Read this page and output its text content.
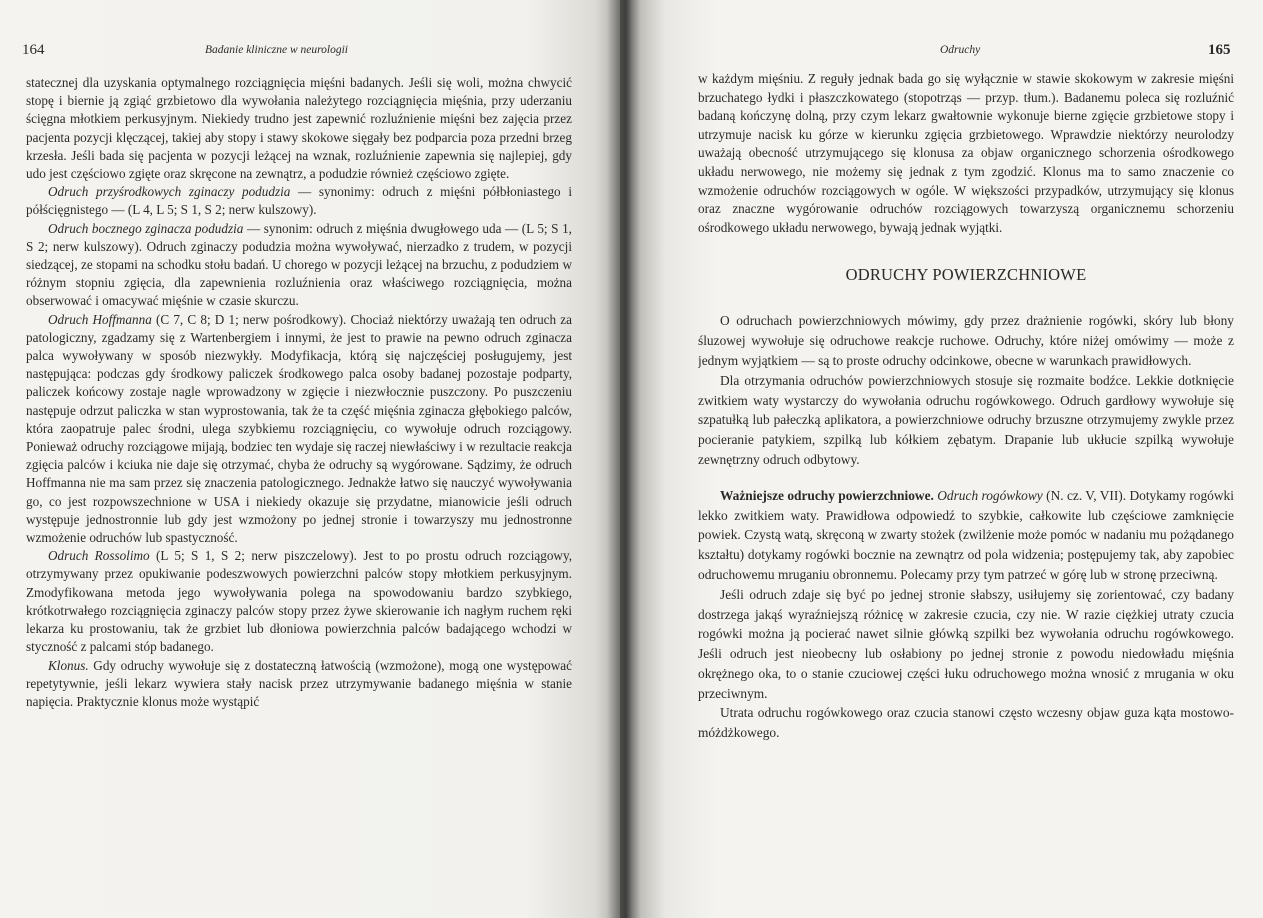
164	Badanie kliniczne w neurologii

statecznej dla uzyskania optymalnego rozciągnięcia mięśni badanych. Jeśli się woli, można chwycić stopę i biernie ją zgiąć grzbietowo dla wywołania należytego rozciągnięcia mięśnia, przy uderzaniu ścięgna młotkiem perkusyjnym. Niekiedy trudno jest zapewnić rozluźnienie mięśni bez zajęcia przez pacjenta pozycji klęczącej, takiej aby stopy i stawy skokowe sięgały bez podparcia poza przedni brzeg krzesła. Jeśli bada się pacjenta w pozycji leżącej na wznak, rozluźnienie zapewnia się najlepiej, gdy udo jest częściowo zgięte oraz skręcone na zewnątrz, a podudzie również częściowo zgięte.

Odruch przyśrodkowych zginaczy podudzia — synonimy: odruch z mięśni półbłoniastego i półścięgnistego — (L 4, L 5; S 1, S 2; nerw kulszowy).

Odruch bocznego zginacza podudzia — synonim: odruch z mięśnia dwugłowego uda — (L 5; S 1, S 2; nerw kulszowy). Odruch zginaczy podudzia można wywoływać, nierzadko z trudem, w pozycji siedzącej, ze stopami na schodku stołu badań. U chorego w pozycji leżącej na brzuchu, z podudziem w różnym stopniu zgięcia, dla zapewnienia rozluźnienia oraz właściwego rozciągnięcia, można obserwować i omacywać mięśnie w czasie skurczu.

Odruch Hoffmanna (C 7, C 8; D 1; nerw pośrodkowy). Chociaż niektórzy uważają ten odruch za patologiczny, zgadzamy się z Wartenbergiem i innymi, że jest to prawie na pewno odruch zginacza palca wywoływany w sposób niezwykły. Modyfikacja, którą się najczęściej posługujemy, jest następująca: podczas gdy środkowy paliczek środkowego palca osoby badanej pozostaje podparty, paliczek końcowy zostaje nagle wprowadzony w zgięcie i niezwłocznie puszczony. Po puszczeniu następuje odrzut paliczka w stan wyprostowania, tak że ta część mięśnia zginacza głębokiego palców, która zaopatruje palec środni, ulega szybkiemu rozciągnięciu, co wywołuje odruch rozciągowy. Ponieważ odruchy rozciągowe mijają, bodziec ten wydaje się raczej niewłaściwy i w rezultacie reakcja zgięcia palców i kciuka nie daje się otrzymać, chyba że odruchy są wygórowane. Sądzimy, że odruch Hoffmanna nie ma sam przez się znaczenia patologicznego. Jednakże łatwo się nauczyć wywoływania go, co jest rozpowszechnione w USA i niekiedy okazuje się przydatne, mianowicie jeśli odruch występuje jednostronnie lub gdy jest wzmożony po jednej stronie i towarzyszy mu jednostronne wzmożenie odruchów lub spastyczność.

Odruch Rossolimo (L 5; S 1, S 2; nerw piszczelowy). Jest to po prostu odruch rozciągowy, otrzymywany przez opukiwanie podeszwowych powierzchni palców stopy młotkiem perkusyjnym. Zmodyfikowana metoda jego wywoływania polega na spowodowaniu bardzo szybkiego, krótkotrwałego rozciągnięcia zginaczy palców stopy przez żywe skierowanie ich nagłym ruchem ręki lekarza ku prostowaniu, tak że grzbiet lub dłoniowa powierzchnia palców badającego wchodzi w styczność z palcami stóp badanego.

Klonus. Gdy odruchy wywołuje się z dostateczną łatwością (wzmożone), mogą one występować repetytywnie, jeśli lekarz wywiera stały nacisk przez utrzymywanie badanego mięśnia w stanie napięcia. Praktycznie klonus może wystąpić

Odruchy	165

w każdym mięśniu. Z reguły jednak bada go się wyłącznie w stawie skokowym w zakresie mięśni brzuchatego łydki i płaszczkowatego (stopotrząs — przyp. tłum.). Badanemu poleca się rozluźnić badaną kończynę dolną, przy czym lekarz gwałtownie wykonuje bierne zgięcie grzbietowe stopy i utrzymuje nacisk ku górze w kierunku zgięcia grzbietowego. Wprawdzie niektórzy neurolodzy uważają obecność utrzymującego się klonusa za objaw organicznego schorzenia ośrodkowego układu nerwowego, nie możemy się jednak z tym zgodzić. Klonus ma to samo znaczenie co wzmożenie odruchów rozciągowych w ogóle. W większości przypadków, utrzymujący się klonus oraz znaczne wygórowanie odruchów rozciągowych towarzyszą organicznemu schorzeniu ośrodkowego układu nerwowego, bywają jednak wyjątki.

ODRUCHY POWIERZCHNIOWE

O odruchach powierzchniowych mówimy, gdy przez drażnienie rogówki, skóry lub błony śluzowej wywołuje się odruchowe reakcje ruchowe. Odruchy, które niżej omówimy — może z jednym wyjątkiem — są to proste odruchy odcinkowe, obecne w warunkach prawidłowych.

Dla otrzymania odruchów powierzchniowych stosuje się rozmaite bodźce. Lekkie dotknięcie zwitkiem waty wystarczy do wywołania odruchu rogówkowego. Odruch gardłowy wywołuje się szpatułką lub pałeczką aplikatora, a powierzchniowe odruchy brzuszne otrzymujemy zwykle przez pocieranie patykiem, szpilką lub kółkiem zębatym. Drapanie lub ukłucie szpilką wywołuje zewnętrzny odruch odbytowy.

Ważniejsze odruchy powierzchniowe. Odruch rogówkowy (N. cz. V, VII). Dotykamy rogówki lekko zwitkiem waty. Prawidłowa odpowiedź to szybkie, całkowite lub częściowe zamknięcie powiek. Czystą watą, skręconą w zwarty stożek (zwilżenie może pomóc w nadaniu mu pożądanego kształtu) dotykamy rogówki bocznie na zewnątrz od pola widzenia; postępujemy tak, aby zapobiec odruchowemu mruganiu obronnemu. Polecamy przy tym patrzeć w górę lub w stronę przeciwną.

Jeśli odruch zdaje się być po jednej stronie słabszy, usiłujemy się zorientować, czy badany dostrzega jakąś wyraźniejszą różnicę w zakresie czucia, czy nie. W razie ciężkiej utraty czucia rogówki można ją pocierać nawet silnie główką szpilki bez wywołania odruchu rogówkowego. Jeśli odruch jest nieobecny lub osłabiony po jednej stronie z powodu niedowładu mięśnia okrężnego oka, to o stanie czuciowej części łuku odruchowego można wnosić z mrugania w oku przeciwnym.

Utrata odruchu rogówkowego oraz czucia stanowi często wczesny objaw guza kąta mostowo-móżdżkowego.
